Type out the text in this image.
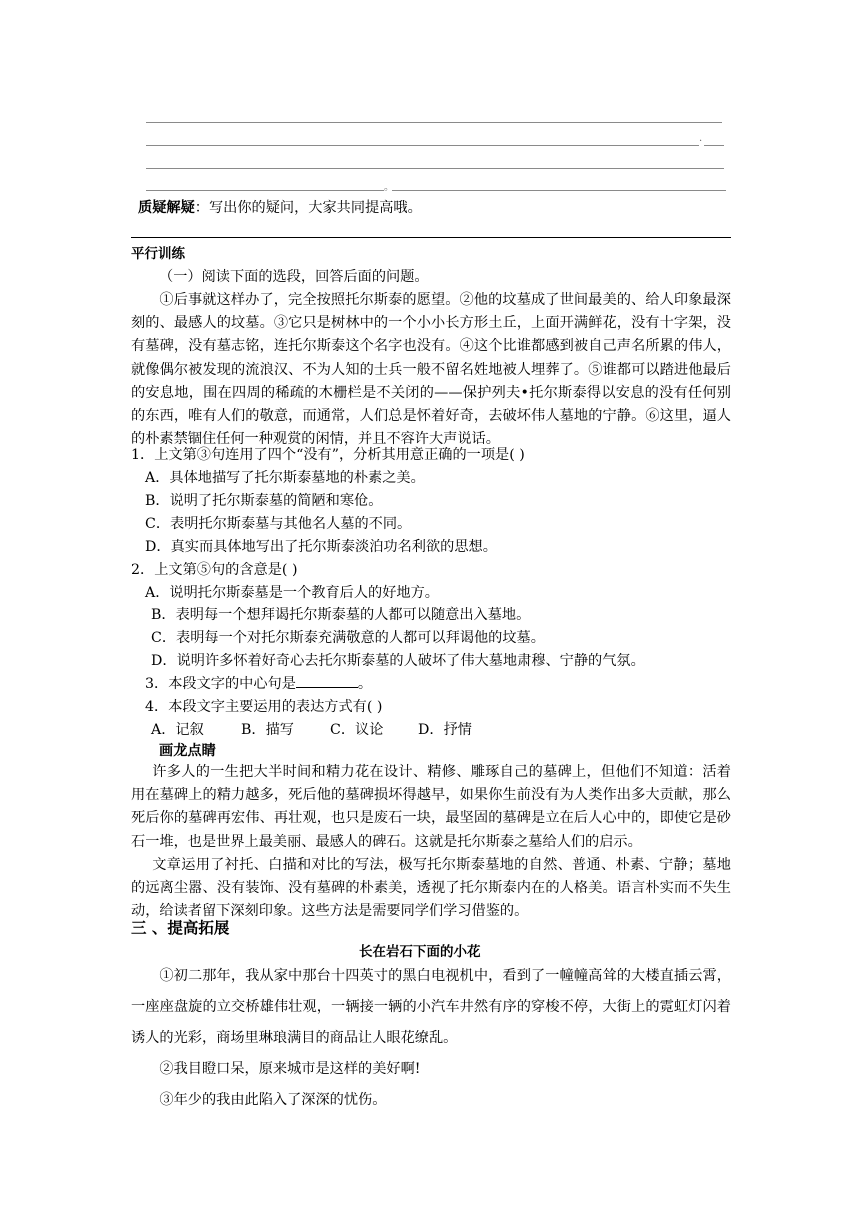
.
。
质疑解疑：写出你的疑问，大家共同提高哦。
平行训练
（一）阅读下面的选段，回答后面的问题。
①后事就这样办了，完全按照托尔斯泰的愿望。②他的坟墓成了世间最美的、给人印象最深刻的、最感人的坟墓。③它只是树林中的一个小小长方形土丘，上面开满鲜花，没有十字架，没有墓碑，没有墓志铭，连托尔斯泰这个名字也没有。④这个比谁都感到被自己声名所累的伟人，就像偶尔被发现的流浪汉、不为人知的士兵一般不留名姓地被人埋葬了。⑤谁都可以踏进他最后的安息地，围在四周的稀疏的木栅栏是不关闭的——保护列夫•托尔斯泰得以安息的没有任何别的东西，唯有人们的敬意，而通常，人们总是怀着好奇，去破坏伟人墓地的宁静。⑥这里，逼人的朴素禁锢住任何一种观赏的闲情，并且不容许大声说话。
1．上文第③句连用了四个“没有”，分析其用意正确的一项是( )
A．具体地描写了托尔斯泰墓地的朴素之美。
B．说明了托尔斯泰墓的简陋和寒伧。
C．表明托尔斯泰墓与其他名人墓的不同。
D．真实而具体地写出了托尔斯泰淡泊功名利欲的思想。
2．上文第⑤句的含意是( )
A．说明托尔斯泰墓是一个教育后人的好地方。
B．表明每一个想拜谒托尔斯泰墓的人都可以随意出入墓地。
C．表明每一个对托尔斯泰充满敬意的人都可以拜谒他的坟墓。
D．说明许多怀着好奇心去托尔斯泰墓的人破坏了伟大墓地肃穆、宁静的气氛。
3．本段文字的中心句是	。
4．本段文字主要运用的表达方式有( )
A．记叙	B．描写	C．议论 D．抒情
画龙点睛
许多人的一生把大半时间和精力花在设计、精修、雕琢自己的墓碑上，但他们不知道：活着用在墓碑上的精力越多，死后他的墓碑损坏得越早，如果你生前没有为人类作出多大贡献，那么死后你的墓碑再宏伟、再壮观，也只是废石一块，最坚固的墓碑是立在后人心中的，即使它是砂石一堆，也是世界上最美丽、最感人的碑石。这就是托尔斯泰之墓给人们的启示。
文章运用了衬托、白描和对比的写法，极写托尔斯泰墓地的自然、普通、朴素、宁静；墓地的远离尘嚣、没有装饰、没有墓碑的朴素美，透视了托尔斯泰内在的人格美。语言朴实而不失生动，给读者留下深刻印象。这些方法是需要同学们学习借鉴的。
三 、提高拓展
长在岩石下面的小花
①初二那年，我从家中那台十四英寸的黑白电视机中，看到了一幢幢高耸的大楼直插云霄，一座座盘旋的立交桥雄伟壮观，一辆接一辆的小汽车井然有序的穿梭不停，大街上的霓虹灯闪着诱人的光彩，商场里琳琅满目的商品让人眼花缭乱。
②我目瞪口呆，原来城市是这样的美好啊!
③年少的我由此陷入了深深的忧伤。
